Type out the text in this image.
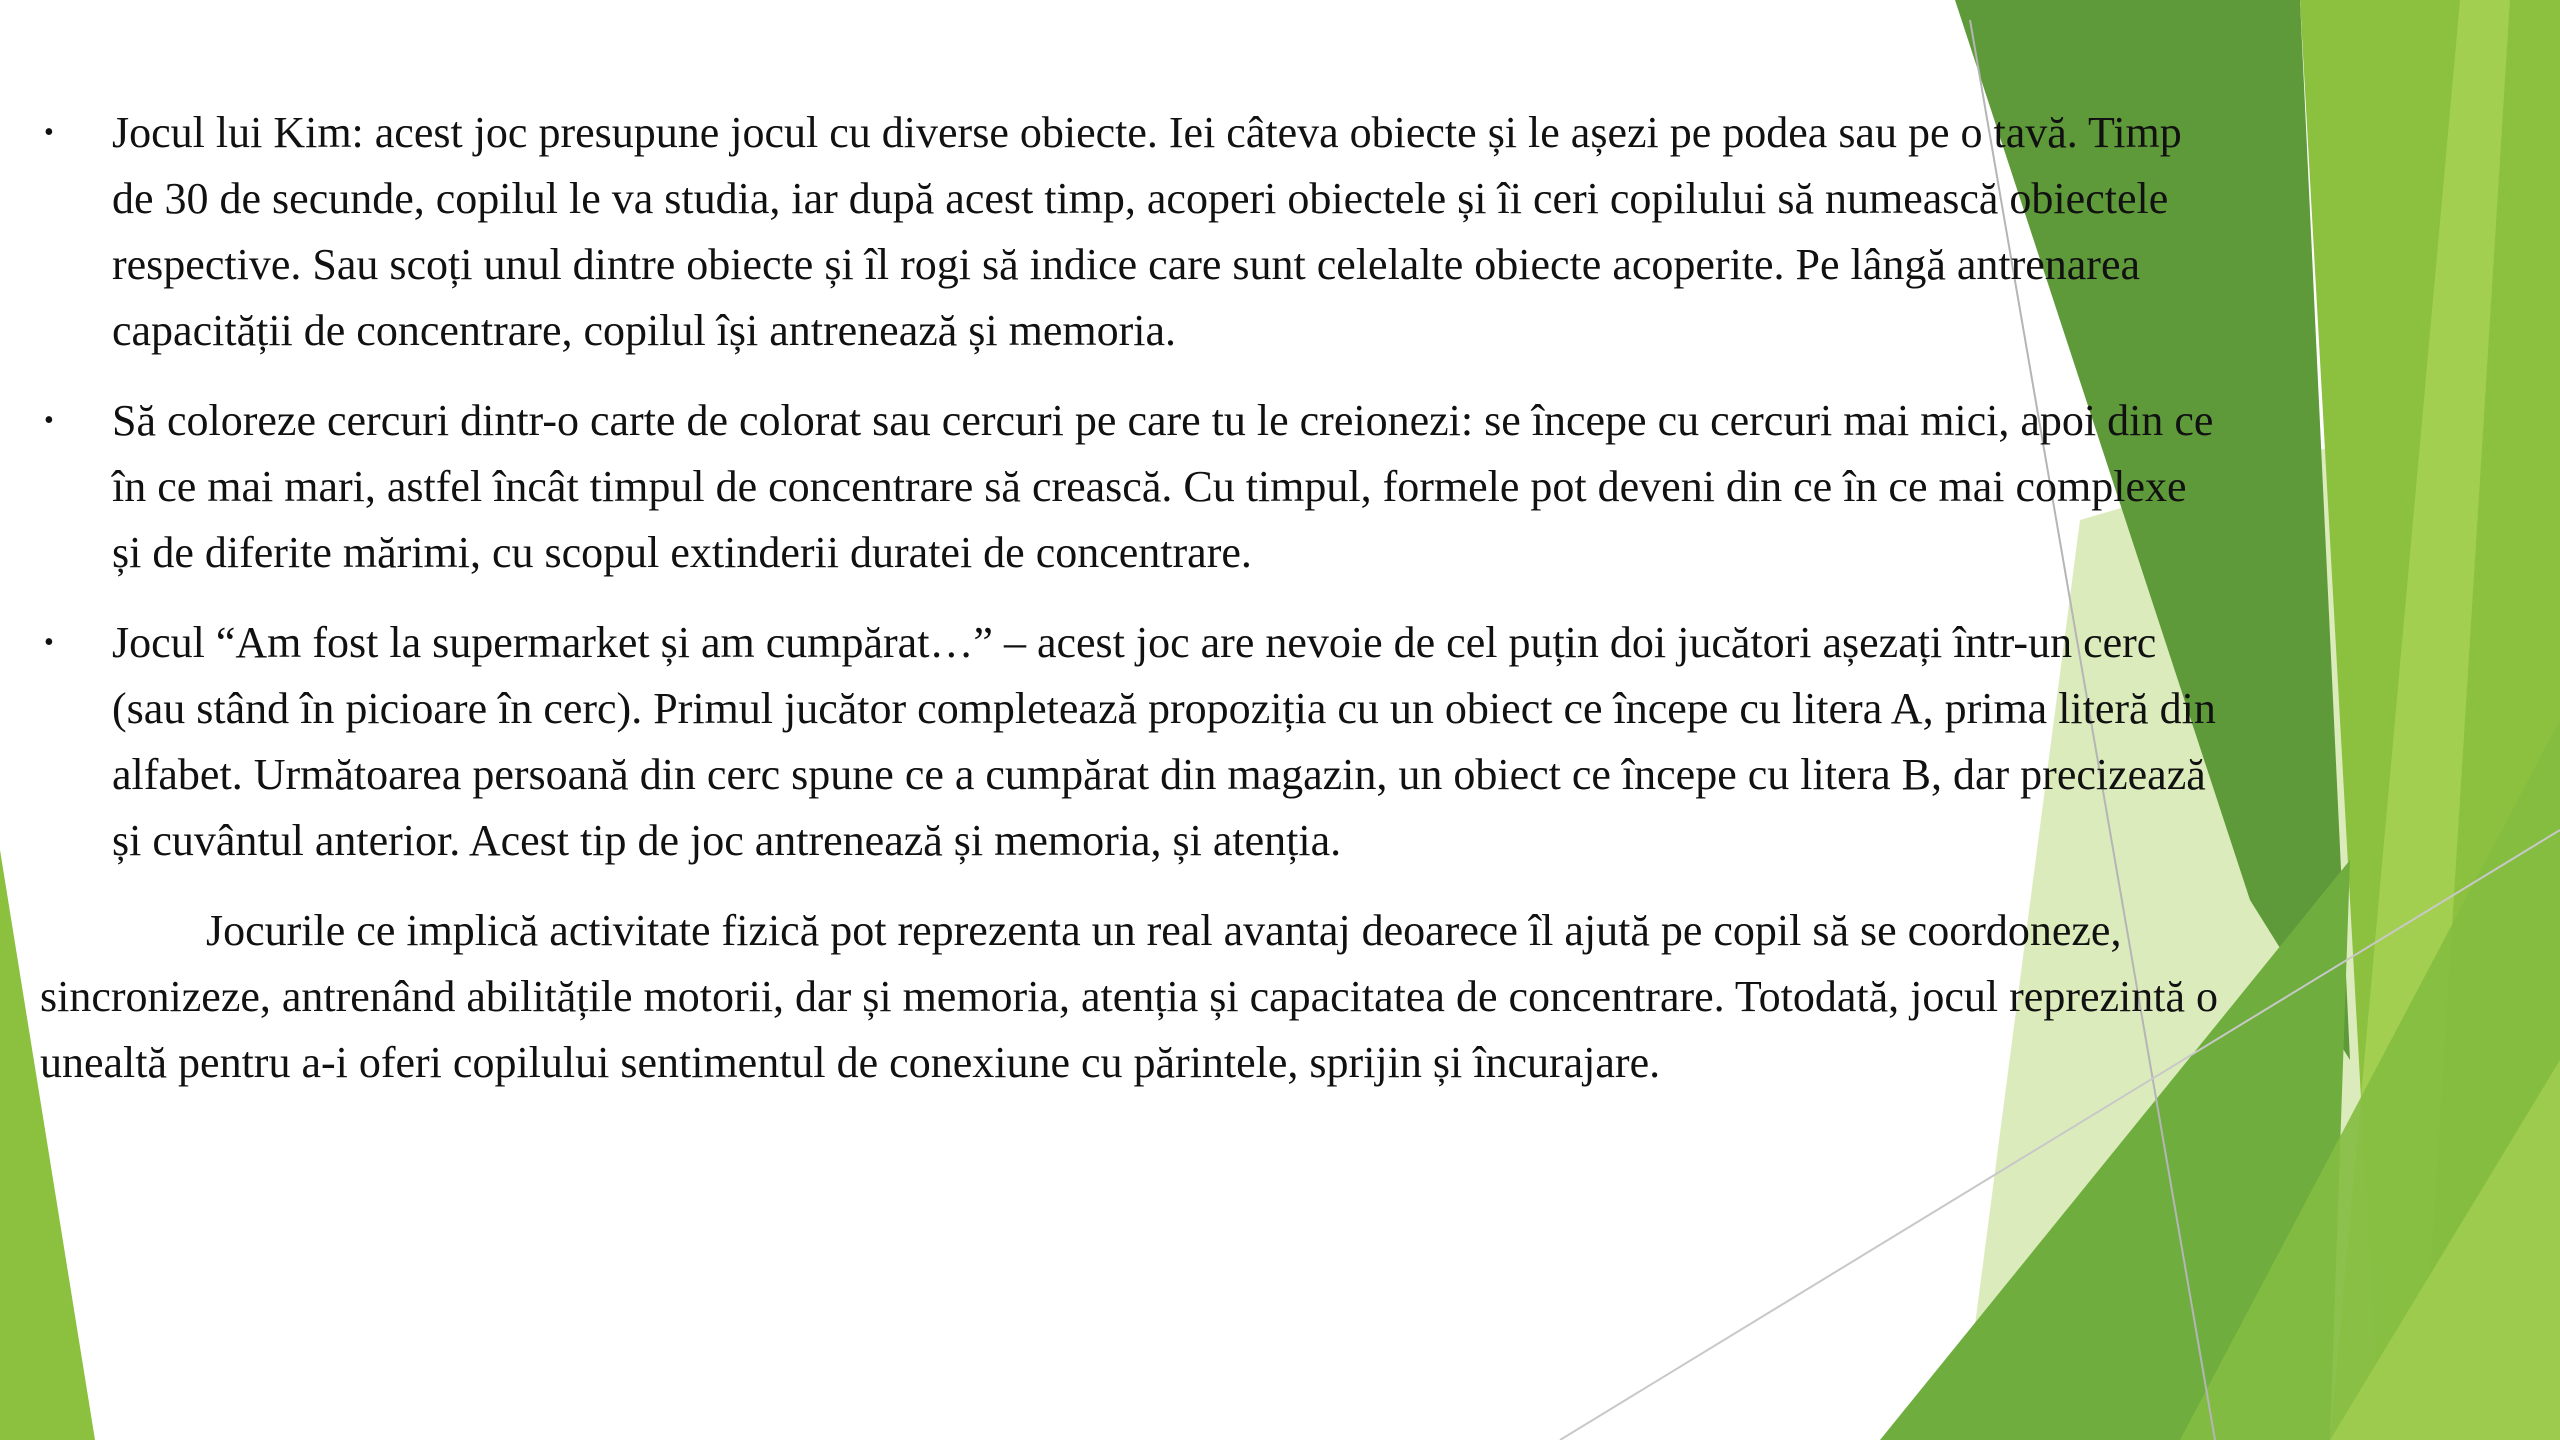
• Jocul lui Kim: acest joc presupune jocul cu diverse obiecte. Iei câteva obiecte și le așezi pe podea sau pe o tavă. Timp de 30 de secunde, copilul le va studia, iar după acest timp, acoperi obiectele și îi ceri copilului să numească obiectele respective. Sau scoți unul dintre obiecte și îl rogi să indice care sunt celelalte obiecte acoperite. Pe lângă antrenarea capacității de concentrare, copilul își antrenează și memoria.
• Să coloreze cercuri dintr-o carte de colorat sau cercuri pe care tu le creionezi: se începe cu cercuri mai mici, apoi din ce în ce mai mari, astfel încât timpul de concentrare să crească. Cu timpul, formele pot deveni din ce în ce mai complexe și de diferite mărimi, cu scopul extinderii duratei de concentrare.
• Jocul “Am fost la supermarket și am cumpărat…” – acest joc are nevoie de cel puțin doi jucători așezați într-un cerc (sau stând în picioare în cerc). Primul jucător completează propoziția cu un obiect ce începe cu litera A, prima literă din alfabet. Următoarea persoană din cerc spune ce a cumpărat din magazin, un obiect ce începe cu litera B, dar precizează și cuvântul anterior. Acest tip de joc antrenează și memoria, și atenția.

Jocurile ce implică activitate fizică pot reprezenta un real avantaj deoarece îl ajută pe copil să se coordoneze, sincronizeze, antrenând abilitățile motorii, dar și memoria, atenția și capacitatea de concentrare. Totodată, jocul reprezintă o unealtă pentru a-i oferi copilului sentimentul de conexiune cu părintele, sprijin și încurajare.
